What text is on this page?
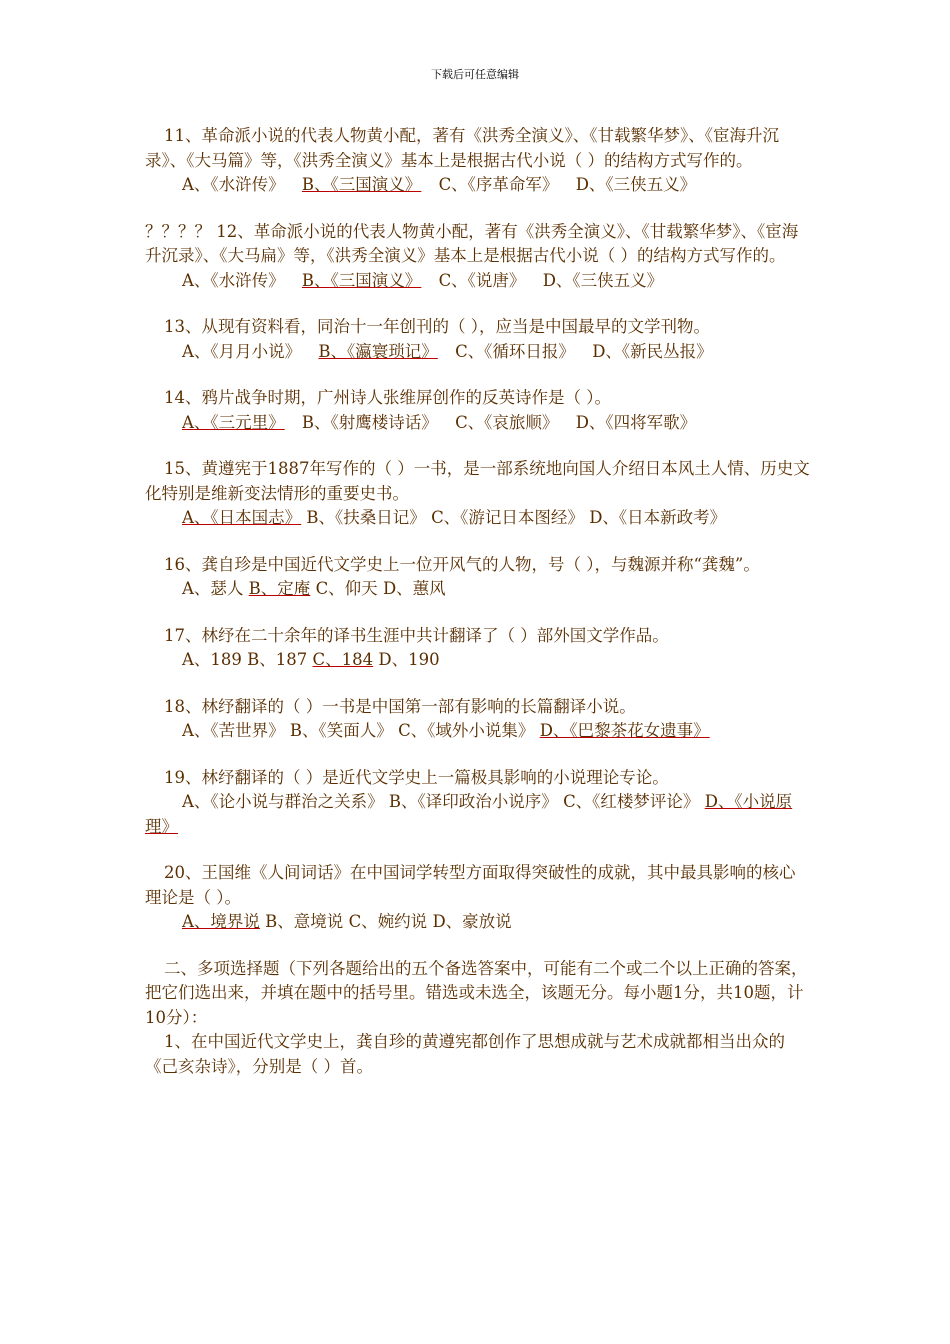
下载后可任意编辑
11、革命派小说的代表人物黄小配，著有《洪秀全演义》、《甘载繁华梦》、《宦海升沉录》、《大马篇》等，《洪秀全演义》基本上是根据古代小说（ ）的结构方式写作的。
A、《水浒传》 B、《三国演义》 C、《序革命军》 D、《三侠五义》
？？？？ 12、革命派小说的代表人物黄小配，著有《洪秀全演义》、《甘载繁华梦》、《宦海升沉录》、《大马扁》等，《洪秀全演义》基本上是根据古代小说（ ）的结构方式写作的。
A、《水浒传》 B、《三国演义》 C、《说唐》 D、《三侠五义》
13、从现有资料看，同治十一年创刊的（ ），应当是中国最早的文学刊物。
A、《月月小说》 B、《瀛寰琐记》 C、《循环日报》 D、《新民丛报》
14、鸦片战争时期，广州诗人张维屏创作的反英诗作是（ ）。
A、《三元里》 B、《射鹰楼诗话》 C、《哀旅顺》 D、《四将军歌》
15、黄遵宪于1887年写作的（ ）一书，是一部系统地向国人介绍日本风土人情、历史文化特别是维新变法情形的重要史书。
A、《日本国志》 B、《扶桑日记》 C、《游记日本图经》 D、《日本新政考》
16、龚自珍是中国近代文学史上一位开风气的人物，号（ ），与魏源并称“龚魏”。
A、瑟人 B、定庵 C、仰天 D、蕙风
17、林纾在二十余年的译书生涯中共计翻译了（ ）部外国文学作品。
A、189 B、187 C、184 D、190
18、林纾翻译的（ ）一书是中国第一部有影响的长篇翻译小说。
A、《苦世界》 B、《笑面人》 C、《域外小说集》 D、《巴黎茶花女遗事》
19、林纾翻译的（ ）是近代文学史上一篇极具影响的小说理论专论。
A、《论小说与群治之关系》 B、《译印政治小说序》 C、《红楼梦评论》 D、《小说原理》
20、王国维《人间词话》在中国词学转型方面取得突破性的成就，其中最具影响的核心理论是（ ）。
A、境界说 B、意境说 C、婉约说 D、豪放说
二、多项选择题（下列各题给出的五个备选答案中，可能有二个或二个以上正确的答案，把它们选出来，并填在题中的括号里。错选或未选全，该题无分。每小题1分，共10题，计10分）：
1、在中国近代文学史上，龚自珍的黄遵宪都创作了思想成就与艺术成就都相当出众的《己亥杂诗》，分别是（ ）首。
